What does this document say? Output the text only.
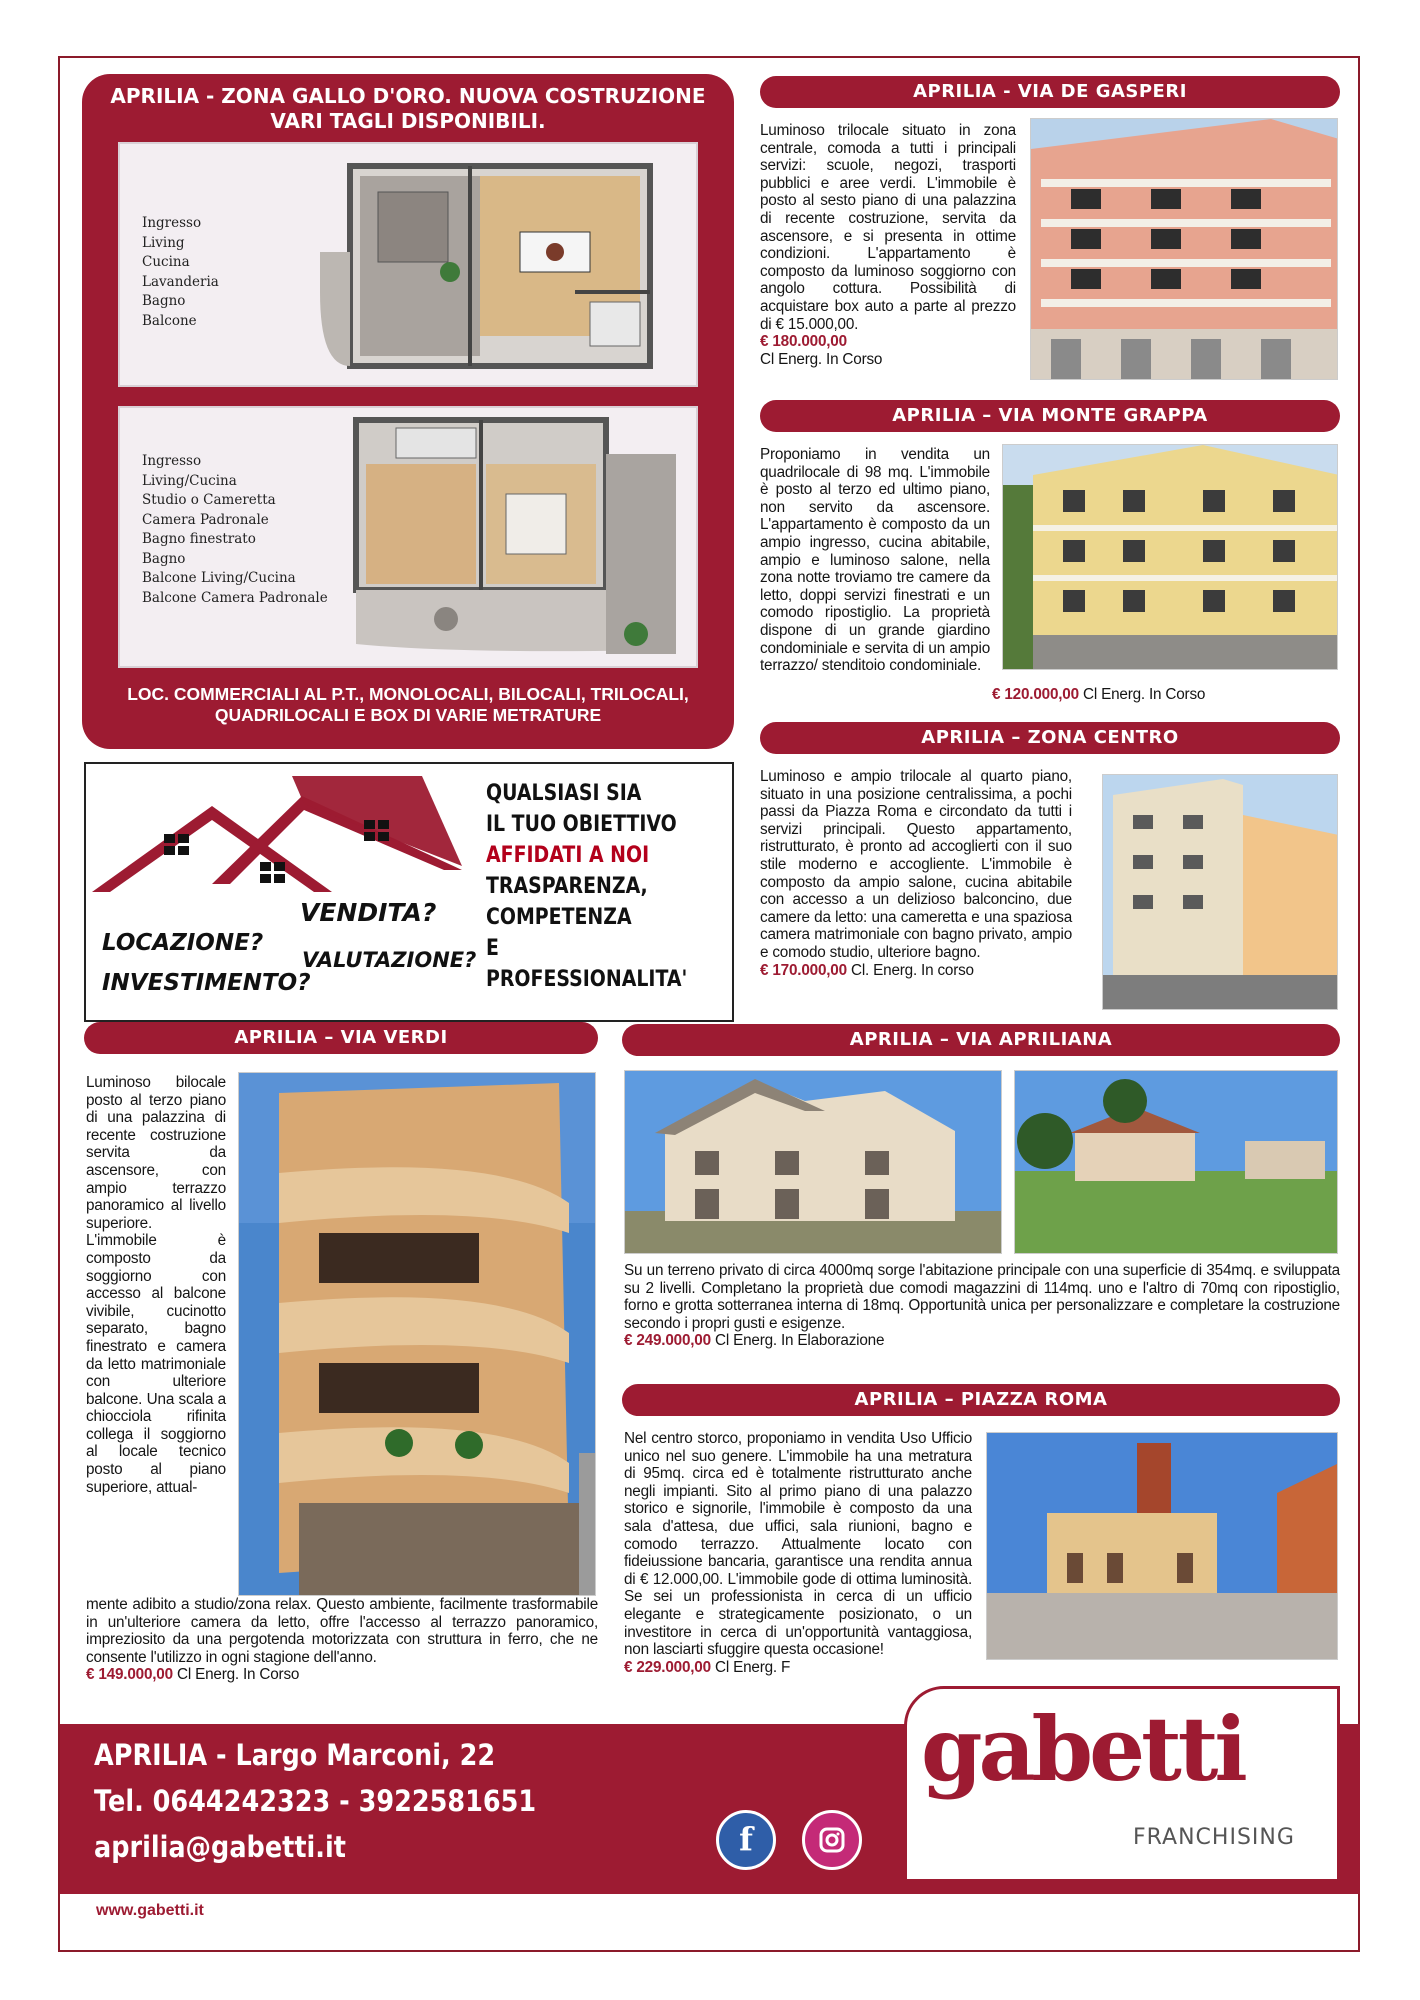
APRILIA - ZONA GALLO D'ORO. NUOVA COSTRUZIONE
VARI TAGLI DISPONIBILI.
Ingresso
Living
Cucina
Lavanderia
Bagno
Balcone
Ingresso
Living/Cucina
Studio o Cameretta
Camera Padronale
Bagno finestrato
Bagno
Balcone Living/Cucina
Balcone Camera Padronale
LOC. COMMERCIALI AL P.T., MONOLOCALI, BILOCALI, TRILOCALI,
QUADRILOCALI E BOX DI VARIE METRATURE
VENDITA?
LOCAZIONE?
VALUTAZIONE?
INVESTIMENTO?
QUALSIASI SIA
IL TUO OBIETTIVO
AFFIDATI A NOI
TRASPARENZA,
COMPETENZA
E PROFESSIONALITA'
APRILIA - VIA DE GASPERI
Luminoso trilocale situato in zona centrale, comoda a tutti i principali servizi: scuole, negozi, trasporti pubblici e aree verdi. L'immobile è posto al sesto piano di una palazzina di recente costruzione, servita da ascensore, e si presenta in ottime condizioni. L'appartamento è composto da luminoso soggiorno con angolo cottura. Possibilità di acquistare box auto a parte al prezzo di € 15.000,00.
€ 180.000,00
Cl Energ. In Corso
APRILIA – VIA MONTE GRAPPA
Proponiamo in vendita un quadrilocale di 98 mq. L'immobile è posto al terzo ed ultimo piano, non servito da ascensore. L'appartamento è composto da un ampio ingresso, cucina abitabile, ampio e luminoso salone, nella zona notte troviamo tre camere da letto, doppi servizi finestrati e un comodo ripostiglio. La proprietà dispone di un grande giardino condominiale e servita di un ampio terrazzo/ stenditoio condominiale.
€ 120.000,00 Cl Energ. In Corso
APRILIA – ZONA CENTRO
Luminoso e ampio trilocale al quarto piano, situato in una posizione centralissima, a pochi passi da Piazza Roma e circondato da tutti i servizi principali. Questo appartamento, ristrutturato, è pronto ad accoglierti con il suo stile moderno e accogliente. L'immobile è composto da ampio salone, cucina abitabile con accesso a un delizioso balconcino, due camere da letto: una cameretta e una spaziosa camera matrimoniale con bagno privato, ampio e comodo studio, ulteriore bagno.
€ 170.000,00 Cl. Energ. In corso
APRILIA – VIA VERDI
Luminoso bilocale posto al terzo piano di una palazzina di recente costruzione servita da ascensore, con ampio terrazzo panoramico al livello superiore. L'immobile è composto da soggiorno con accesso al balcone vivibile, cucinotto separato, bagno finestrato e camera da letto matrimoniale con ulteriore balcone. Una scala a chiocciola rifinita collega il soggiorno al locale tecnico posto al piano superiore, attual-
mente adibito a studio/zona relax. Questo ambiente, facilmente trasformabile in un'ulteriore camera da letto, offre l'accesso al terrazzo panoramico, impreziosito da una pergotenda motorizzata con struttura in ferro, che ne consente l'utilizzo in ogni stagione dell'anno.
€ 149.000,00 Cl Energ. In Corso
APRILIA – VIA APRILIANA
Su un terreno privato di circa 4000mq sorge l'abitazione principale con una superficie di 354mq. e sviluppata su 2 livelli. Completano la proprietà due comodi magazzini di 114mq. uno e l'altro di 70mq con ripostiglio, forno e grotta sotterranea interna di 18mq. Opportunità unica per personalizzare e completare la costruzione secondo i propri gusti e esigenze.
€ 249.000,00 Cl Energ. In Elaborazione
APRILIA – PIAZZA ROMA
Nel centro storco, proponiamo in vendita Uso Ufficio unico nel suo genere. L'immobile ha una metratura di 95mq. circa ed è totalmente ristrutturato anche negli impianti. Sito al primo piano di una palazzo storico e signorile, l'immobile è composto da una sala d'attesa, due uffici, sala riunioni, bagno e comodo terrazzo. Attualmente locato con fideiussione bancaria, garantisce una rendita annua di € 12.000,00. L'immobile gode di ottima luminosità. Se sei un professionista in cerca di un ufficio elegante e strategicamente posizionato, o un investitore in cerca di un'opportunità vantaggiosa, non lasciarti sfuggire questa occasione!
€ 229.000,00 Cl Energ. F
APRILIA - Largo Marconi, 22
Tel. 0644242323 - 3922581651
aprilia@gabetti.it	f
gabetti
FRANCHISING
www.gabetti.it
